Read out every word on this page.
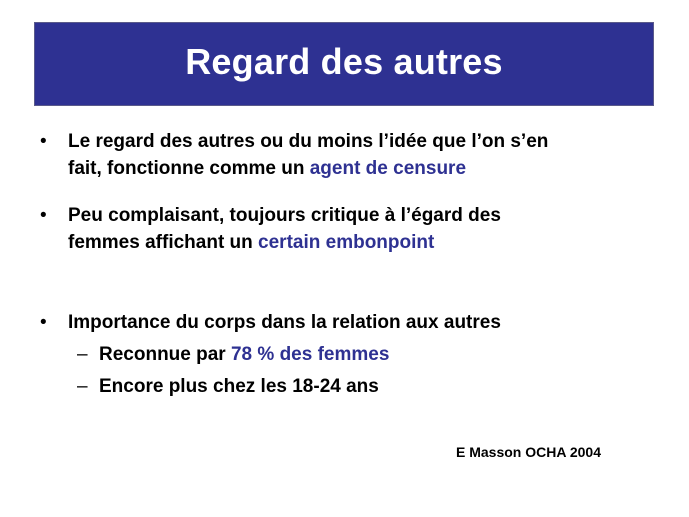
Regard des autres
•	Le regard des autres ou du moins l’idée que l’on s’en
fait, fonctionne comme un agent de censure
•	Peu complaisant, toujours critique à l’égard des
femmes affichant un certain embonpoint
•	Importance du corps dans la relation aux autres
– Reconnue par 78 % des femmes
– Encore plus chez les 18-24 ans
E Masson OCHA 2004
